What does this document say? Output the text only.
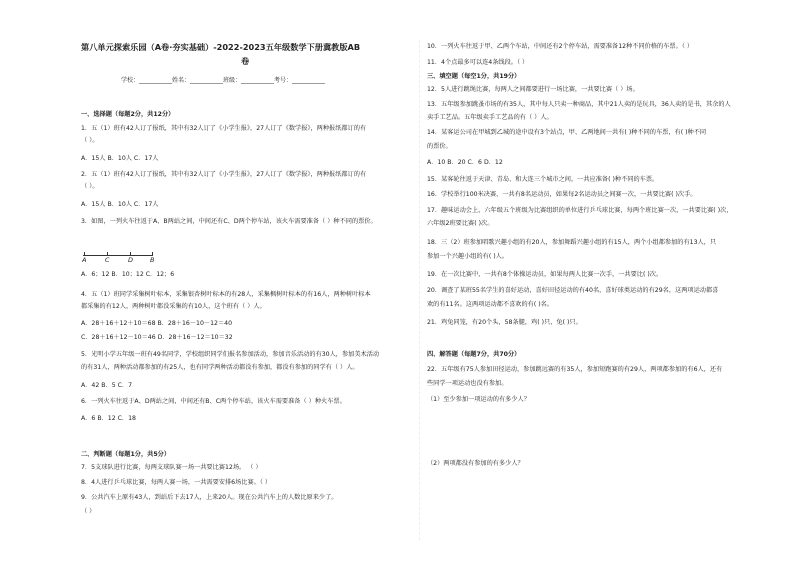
第八单元探索乐园（A卷·夯实基础）-2022-2023五年级数学下册冀教版AB
卷
学校：___________姓名：___________班级：___________考号：___________
一、选择题（每题2分，共12分）
1．五（1）班有42人订了报纸，其中有32人订了《小学生报》，27人订了《数学报》，两种报纸都订的有
（ ）。
A．15人 B．10人 C．17人
2．五（1）班有42人订了报纸，其中有32人订了《小学生报》，27人订了《数学报》，两种报纸都订的有
（ ）。
A．15人 B．10人 C．17人
3．如图，一列火车往返于A、B两站之间，中间还有C、D两个停车站，该火车需要准备（ ）种不同的票价。
A	C	D	B
A．6；12 B．10；12 C．12；6
4．五（1）班同学采集树叶标本，采集银杏树叶标本的有28人，采集枫树叶标本的有16人，两种树叶标本
都采集的有12人，两种树叶都没采集的有10人，这个班有（ ）人。
A．28＋16＋12＋10＝68 B．28＋16－10－12＝40
C．28＋16＋12－10＝46 D．28＋16－12＝10＝32
5．光明小学五年级一班有49名同学，学校组织同学们报名参加活动，参加音乐活动的有30人，参加美术活动
的有31人，两种活动都参加的有25人，也有同学两种活动都没有参加，都没有参加的同学有（ ）人。
A．42 B．5 C．7
6．一列火车往返于A、D两站之间，中间还有B、C两个停车站，该火车需要准备（ ）种火车票。
A．6 B．12 C．18
二、判断题（每题1分，共5分）
7．5支球队进行比赛，每两支球队赛一场一共要比赛12场。 （ ）
8．4人进行乒乓球比赛，每两人赛一场，一共需要安排6场比赛。（ ）
9．公共汽车上原有43人，到站后下去17人，上来20人。现在公共汽车上的人数比原来少了。
（ ）
10．一列火车往返于甲、乙两个车站，中间还有2个停车站，需要准备12种不同价格的车票。（ ）
11．4个点最多可以连4条线段。（ ）
三、填空题（每空1分，共19分）
12．5人进行跳绳比赛，每两人之间都要进行一场比赛，一共要比赛（ ）场。
13．五年级参加跳蚤市场的有35人，其中每人只卖一种商品，其中21人卖的是玩具，36人卖的是书，其余的人
卖手工艺品。五年级卖手工艺品的有（ ）人。
14．某客运公司在甲城到乙城的途中设有3个站点，甲、乙两地间一共有( )种不同的车票，有( )种不同
的票价。
A．10 B．20 C．6 D．12
15．某客轮往返于天津、青岛、和大连三个城市之间，一共应准备( )种不同的车票。
16．学校举行100米决赛，一共有8名运动员，如果每2名运动员之间赛一次，一共要比赛( )次手。
17．趣味运动会上，六年级五个班级为比赛组织的单位进行乒乓球比赛，每两个班比赛一次，一共要比赛( )次，
六年级2班要比赛( )次。
18．三（2）班参加唱歌兴趣小组的有20人，参加舞蹈兴趣小组的有15人，两个小组都参加的有13人，只
参加一个兴趣小组的有( )人。
19．在一次比赛中，一共有8个体操运动员，如果每两人比赛一次手，一共要比( )次。
20．调查了某班55名学生的喜好运动，喜好田径运动的有40名，喜好球类运动的有29名，这两项运动都喜
欢的有11名。这两项运动都不喜欢的有( )名。
21．鸡兔同笼，有20个头，58条腿，鸡( )只，兔( )只。
四、解答题（每题7分，共70分）
22．五年级有75人参加田径运动，参加跳远赛的有35人，参加短跑赛的有29人，两项都参加的有6人，还有
些同学一项运动也没有参加。
（1）至少参加一项运动的有多少人？
（2）两项都没有参加的有多少人？
